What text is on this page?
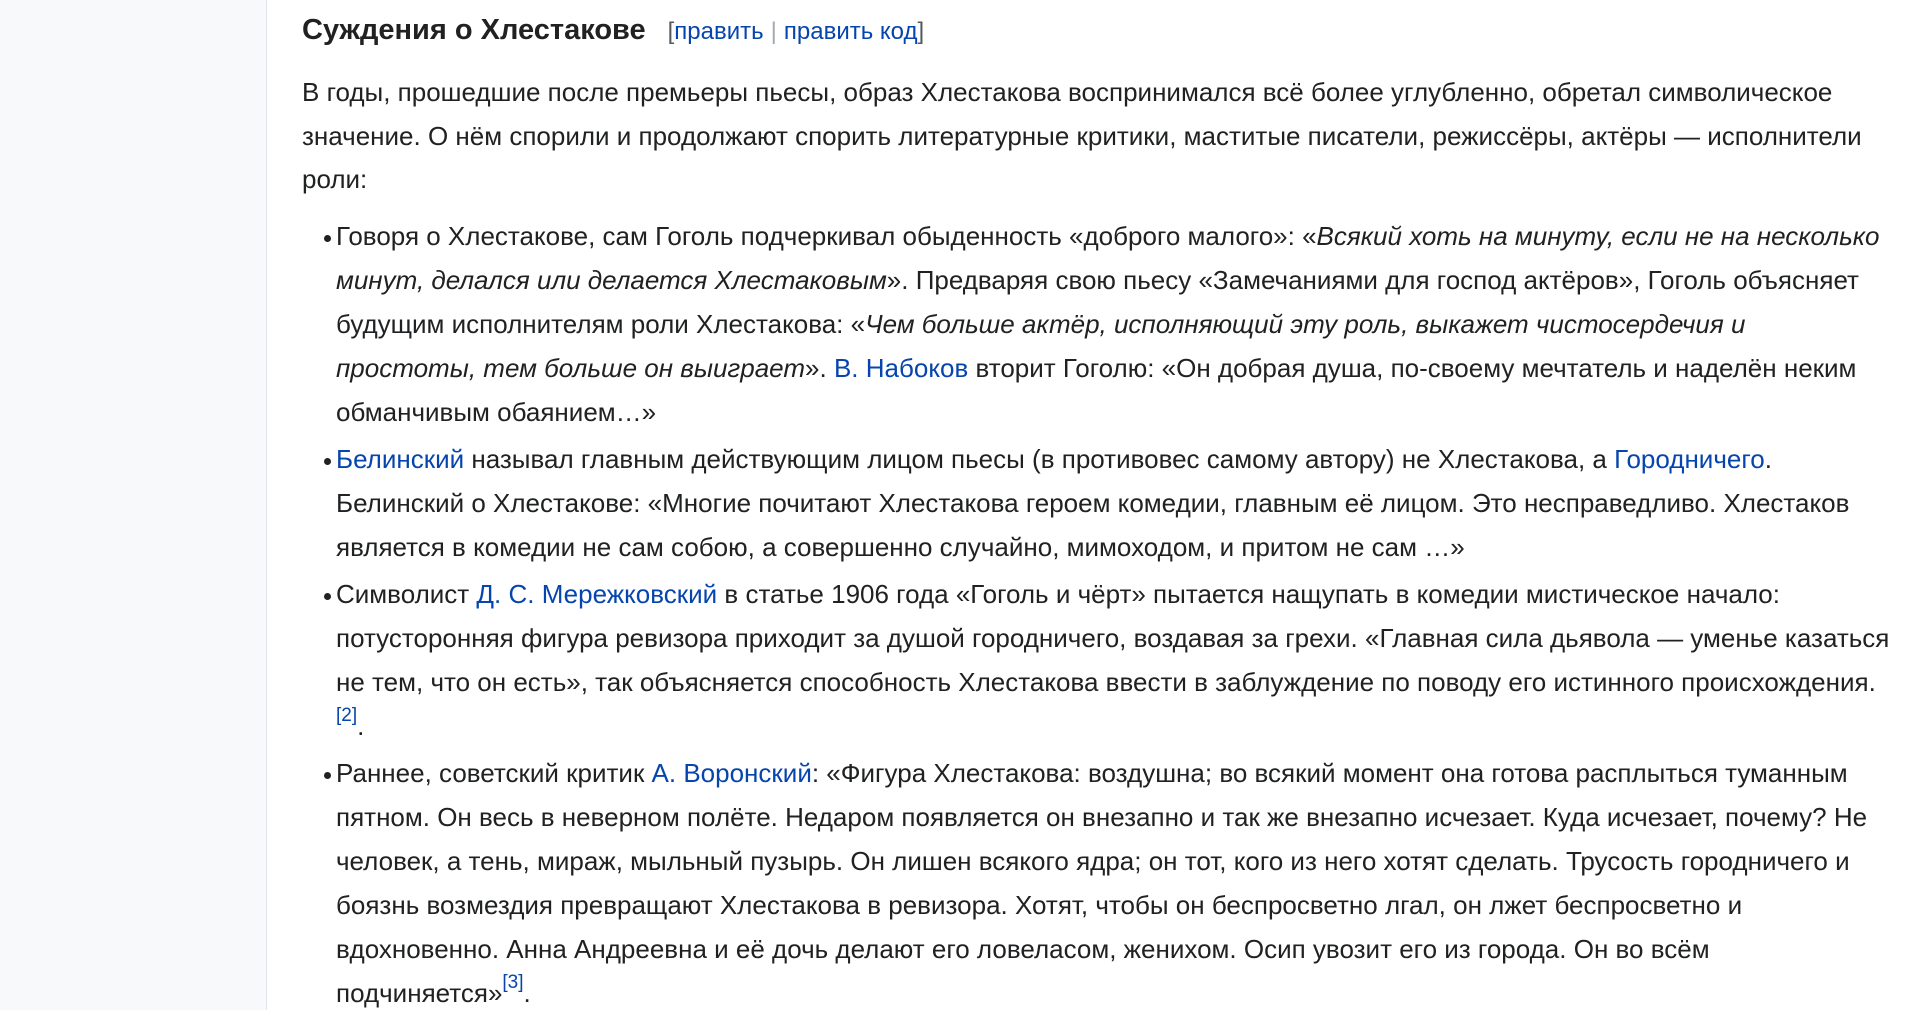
Суждения о Хлестакове [править | править код]

В годы, прошедшие после премьеры пьесы, образ Хлестакова воспринимался всё более углубленно, обретал символическое значение. О нём спорили и продолжают спорить литературные критики, маститые писатели, режиссёры, актёры — исполнители роли:

Говоря о Хлестакове, сам Гоголь подчеркивал обыденность «доброго малого»: «Всякий хоть на минуту, если не на несколько минут, делался или делается Хлестаковым». Предваряя свою пьесу «Замечаниями для господ актёров», Гоголь объясняет будущим исполнителям роли Хлестакова: «Чем больше актёр, исполняющий эту роль, выкажет чистосердечия и простоты, тем больше он выиграет». В. Набоков вторит Гоголю: «Он добрая душа, по-своему мечтатель и наделён неким обманчивым обаянием…»
Белинский называл главным действующим лицом пьесы (в противовес самому автору) не Хлестакова, а Городничего. Белинский о Хлестакове: «Многие почитают Хлестакова героем комедии, главным её лицом. Это несправедливо. Хлестаков является в комедии не сам собою, а совершенно случайно, мимоходом, и притом не сам …»
Символист Д. С. Мережковский в статье 1906 года «Гоголь и чёрт» пытается нащупать в комедии мистическое начало: потусторонняя фигура ревизора приходит за душой городничего, воздавая за грехи. «Главная сила дьявола — уменье казаться не тем, что он есть», так объясняется способность Хлестакова ввести в заблуждение по поводу его истинного происхождения.[2].
Раннее, советский критик А. Воронский: «Фигура Хлестакова: воздушна; во всякий момент она готова расплыться туманным пятном. Он весь в неверном полёте. Недаром появляется он внезапно и так же внезапно исчезает. Куда исчезает, почему? Не человек, а тень, мираж, мыльный пузырь. Он лишен всякого ядра; он тот, кого из него хотят сделать. Трусость городничего и боязнь возмездия превращают Хлестакова в ревизора. Хотят, чтобы он беспросветно лгал, он лжет беспросветно и вдохновенно. Анна Андреевна и её дочь делают его ловеласом, женихом. Осип увозит его из города. Он во всём подчиняется»[3].
